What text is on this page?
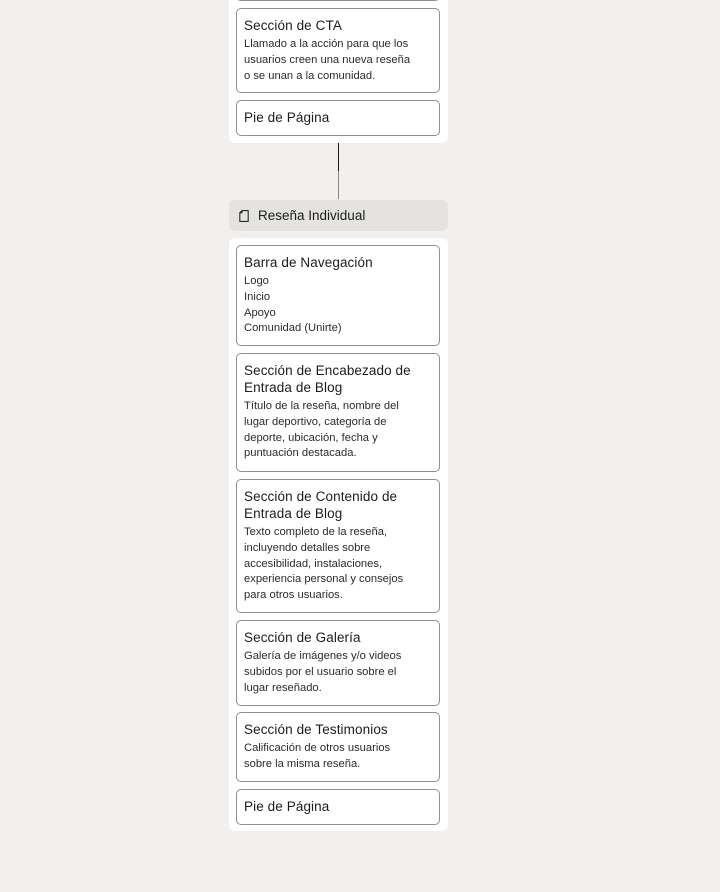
Sección de CTA
Llamado a la acción para que los
usuarios creen una nueva reseña
o se unan a la comunidad.
Pie de Página
Reseña Individual
Barra de Navegación
Logo
Inicio
Apoyo
Comunidad (Unirte)
Sección de Encabezado de
Entrada de Blog
Título de la reseña, nombre del
lugar deportivo, categoría de
deporte, ubicación, fecha y
puntuación destacada.
Sección de Contenido de
Entrada de Blog
Texto completo de la reseña,
incluyendo detalles sobre
accesibilidad, instalaciones,
experiencia personal y consejos
para otros usuarios.
Sección de Galería
Galería de imágenes y/o videos
subidos por el usuario sobre el
lugar reseñado.
Sección de Testimonios
Calificación de otros usuarios
sobre la misma reseña.
Pie de Página
